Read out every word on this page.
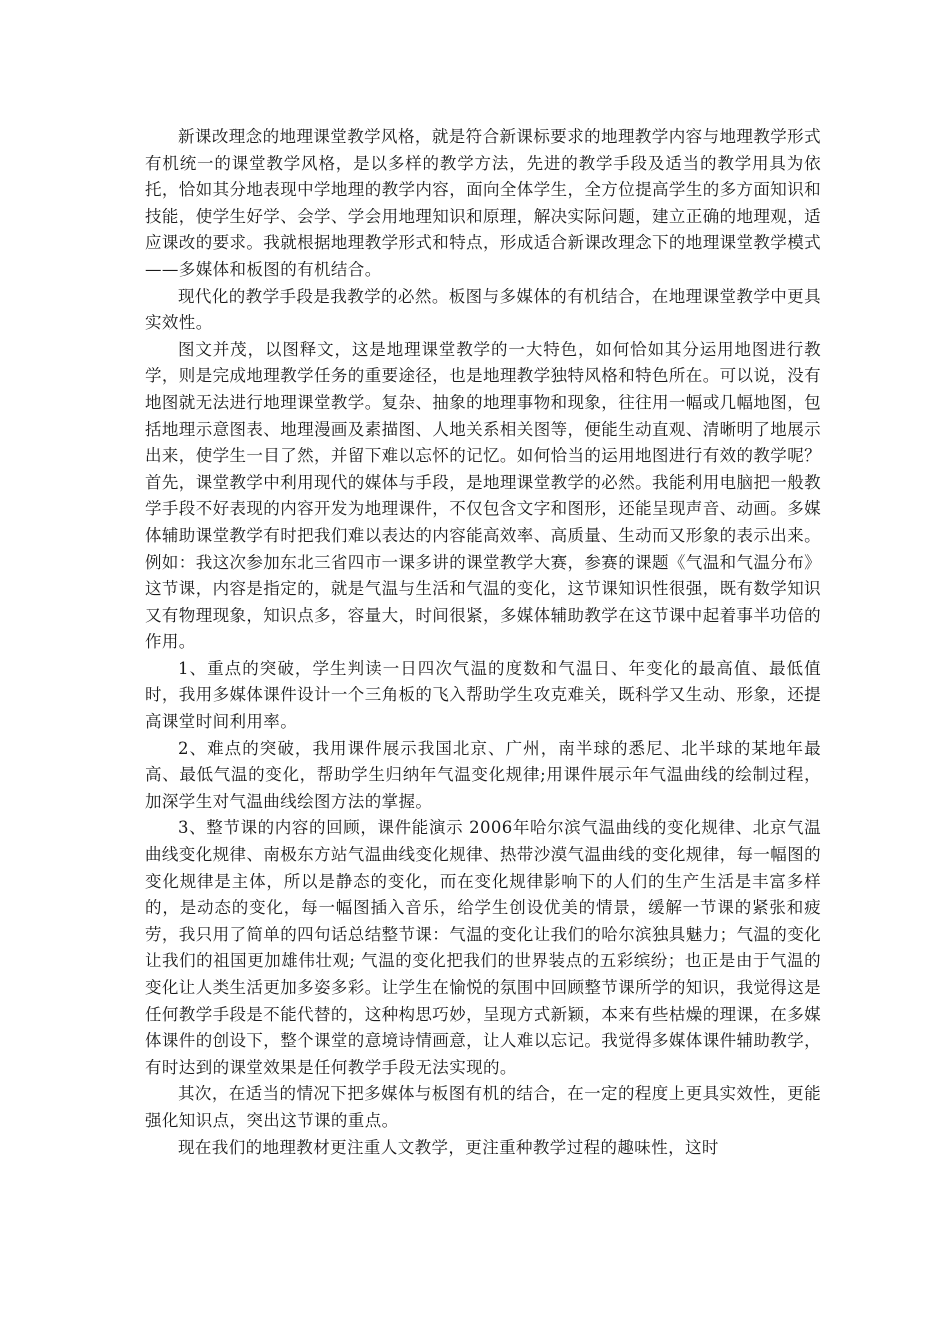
新课改理念的地理课堂教学风格，就是符合新课标要求的地理教学内容与地理教学形式有机统一的课堂教学风格，是以多样的教学方法，先进的教学手段及适当的教学用具为依托，恰如其分地表现中学地理的教学内容，面向全体学生，全方位提高学生的多方面知识和技能，使学生好学、会学、学会用地理知识和原理，解决实际问题，建立正确的地理观，适应课改的要求。我就根据地理教学形式和特点，形成适合新课改理念下的地理课堂教学模式——多媒体和板图的有机结合。

现代化的教学手段是我教学的必然。板图与多媒体的有机结合，在地理课堂教学中更具实效性。

图文并茂，以图释文，这是地理课堂教学的一大特色，如何恰如其分运用地图进行教学，则是完成地理教学任务的重要途径，也是地理教学独特风格和特色所在。可以说，没有地图就无法进行地理课堂教学。复杂、抽象的地理事物和现象，往往用一幅或几幅地图，包括地理示意图表、地理漫画及素描图、人地关系相关图等，便能生动直观、清晰明了地展示出来，使学生一目了然，并留下难以忘怀的记忆。如何恰当的运用地图进行有效的教学呢？

首先，课堂教学中利用现代的媒体与手段，是地理课堂教学的必然。我能利用电脑把一般教学手段不好表现的内容开发为地理课件，不仅包含文字和图形，还能呈现声音、动画。多媒体辅助课堂教学有时把我们难以表达的内容能高效率、高质量、生动而又形象的表示出来。例如：我这次参加东北三省四市一课多讲的课堂教学大赛，参赛的课题《气温和气温分布》这节课，内容是指定的，就是气温与生活和气温的变化，这节课知识性很强，既有数学知识又有物理现象，知识点多，容量大，时间很紧，多媒体辅助教学在这节课中起着事半功倍的作用。

1、重点的突破，学生判读一日四次气温的度数和气温日、年变化的最高值、最低值时，我用多媒体课件设计一个三角板的飞入帮助学生攻克难关，既科学又生动、形象，还提高课堂时间利用率。

2、难点的突破，我用课件展示我国北京、广州，南半球的悉尼、北半球的某地年最高、最低气温的变化，帮助学生归纳年气温变化规律;用课件展示年气温曲线的绘制过程，加深学生对气温曲线绘图方法的掌握。

3、整节课的内容的回顾，课件能演示 2006年哈尔滨气温曲线的变化规律、北京气温曲线变化规律、南极东方站气温曲线变化规律、热带沙漠气温曲线的变化规律，每一幅图的变化规律是主体，所以是静态的变化，而在变化规律影响下的人们的生产生活是丰富多样的，是动态的变化，每一幅图插入音乐，给学生创设优美的情景，缓解一节课的紧张和疲劳，我只用了简单的四句话总结整节课：气温的变化让我们的哈尔滨独具魅力；气温的变化让我们的祖国更加雄伟壮观; 气温的变化把我们的世界装点的五彩缤纷；也正是由于气温的变化让人类生活更加多姿多彩。让学生在愉悦的氛围中回顾整节课所学的知识，我觉得这是任何教学手段是不能代替的，这种构思巧妙，呈现方式新颖，本来有些枯燥的理课，在多媒体课件的创设下，整个课堂的意境诗情画意，让人难以忘记。我觉得多媒体课件辅助教学，有时达到的课堂效果是任何教学手段无法实现的。

其次，在适当的情况下把多媒体与板图有机的结合，在一定的程度上更具实效性，更能强化知识点，突出这节课的重点。

现在我们的地理教材更注重人文教学，更注重种教学过程的趣味性，这时
